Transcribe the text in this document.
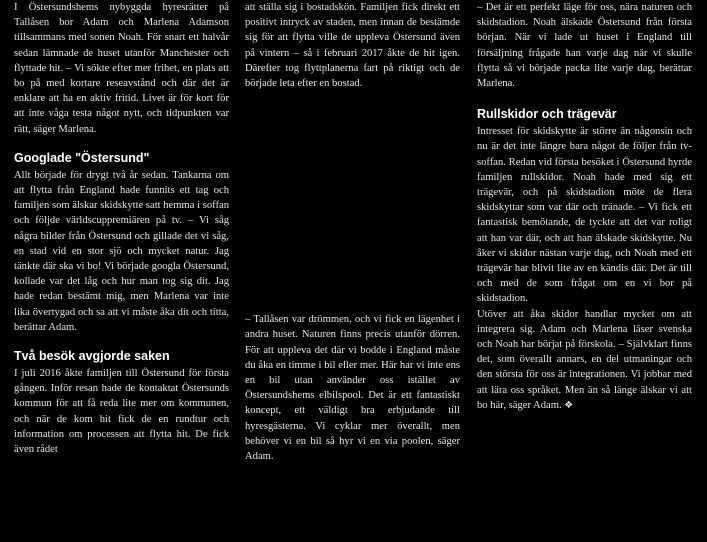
I Östersundshems nybyggda hyresrätter på Tallåsen bor Adam och Marlena Adamson tillsammans med sonen Noah. För snart ett halvår sedan lämnade de huset utanför Manchester och flyttade hit. – Vi sökte efter mer frihet, en plats att bo på med kortare reseavstånd och där det är enklare att ha en aktiv fritid. Livet är för kort för att inte våga testa något nytt, och tidpunkten var rätt, säger Marlena.

Googlade "Östersund"

Allt började för drygt två år sedan. Tankarna om att flytta från England hade funnits ett tag och familjen som älskar skidskytte satt hemma i soffan och följde världscuppremiären på tv. – Vi såg några bilder från Östersund och gillade det vi såg, en stad vid en stor sjö och mycket natur. Jag tänkte där ska vi bo! Vi började googla Östersund, kollade var det låg och hur man tog sig dit. Jag hade redan bestämt mig, men Marlena var inte lika övertygad och sa att vi måste åka dit och titta, berättar Adam.

Två besök avgjorde saken

I juli 2016 åkte familjen till Östersund för första gången. Inför resan hade de kontaktat Östersunds kommun för att få reda lite mer om kommunen, och när de kom hit fick de en rundtur och information om processen att flytta hit. De fick även rådet

att ställa sig i bostadskön. Familjen fick direkt ett positivt intryck av staden, men innan de bestämde sig för att flytta ville de uppleva Östersund även på vintern – så i februari 2017 åkte de hit igen. Därefter tog flyttplanerna fart på riktigt och de började leta efter en bostad.

– Tallåsen var drömmen, och vi fick en lägenhet i andra huset. Naturen finns precis utanför dörren. För att uppleva det där vi bodde i England måste du åka en timme i bil eller mer. Här har vi inte ens en bil utan använder oss istället av Östersundshems elbilspool. Det är ett fantastiskt koncept, ett väldigt bra erbjudande till hyresgästerna. Vi cyklar mer överallt, men behöver vi en bil så hyr vi en via poolen, säger Adam.

– Det är ett perfekt läge för oss, nära naturen och skidstadion. Noah älskade Östersund från första början. När vi lade ut huset i England till försäljning frågade han varje dag när vi skulle flytta så vi började packa lite varje dag, berättar Marlena.

Rullskidor och trägevär

Intresset för skidskytte är större än någonsin och nu är det inte längre bara något de följer från tv-soffan. Redan vid första besöket i Östersund hyrde familjen rullskidor. Noah hade med sig ett trägevär, och på skidstadion möte de flera skidskyttar som var där och tränade. – Vi fick ett fantastisk bemötande, de tyckte att det var roligt att han var där, och att han älskade skidskytte. Nu åker vi skidor nästan varje dag, och Noah med ett trägevär har blivit lite av en kändis där. Det är till och med de som frågat om en vi bor på skidstadion.

Utöver att åka skidor handlar mycket om att integrera sig. Adam och Marlena läser svenska och Noah har börjat på förskola. – Självklart finns det, som överallt annars, en del utmaningar och den största för oss är integrationen. Vi jobbar med att lära oss språket. Men än så länge älskar vi att bo här, säger Adam. ❖
